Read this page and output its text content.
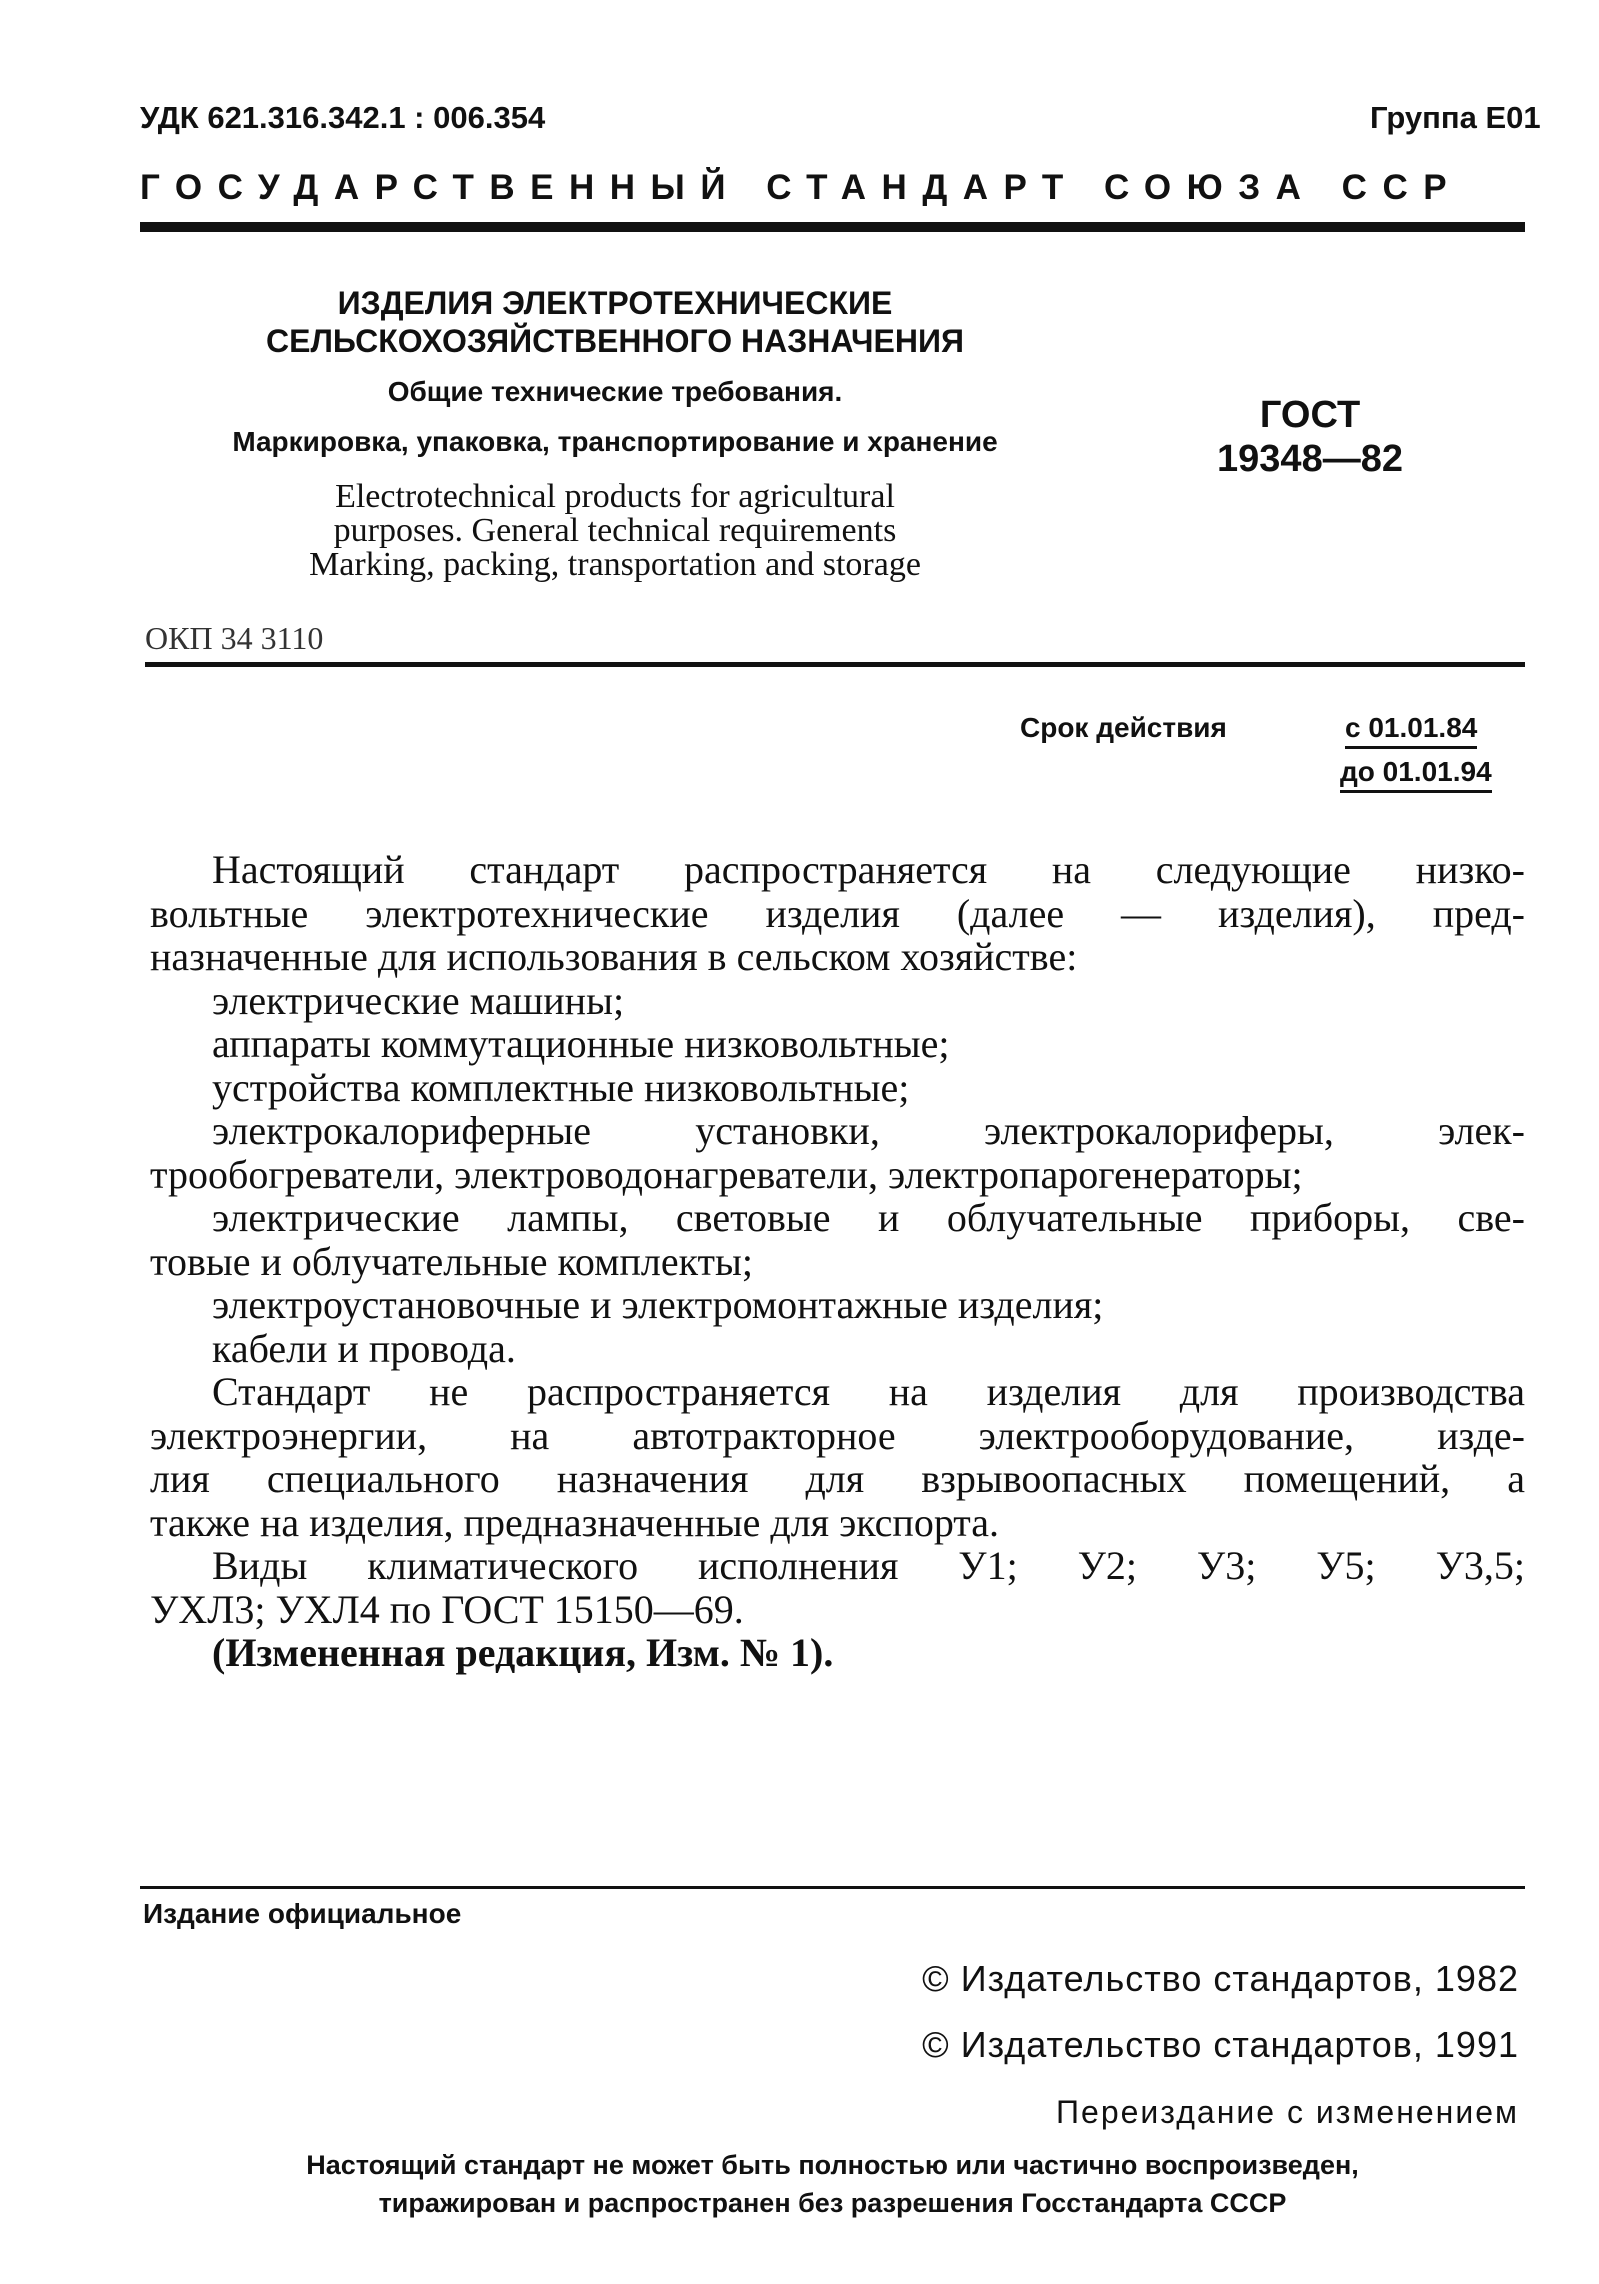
УДК 621.316.342.1 : 006.354	Группа Е01
ГОСУДАРСТВЕННЫЙ СТАНДАРТ СОЮЗА ССР
ИЗДЕЛИЯ ЭЛЕКТРОТЕХНИЧЕСКИЕ
СЕЛЬСКОХОЗЯЙСТВЕННОГО НАЗНАЧЕНИЯ
Общие технические требования.
Маркировка, упаковка, транспортирование и хранение
Electrotechnical products for agricultural
purposes. General technical requirements
Marking, packing, transportation and storage
ГОСТ
19348—82
ОКП 34 3110
Срок действия	с 01.01.84
до 01.01.94
Настоящий стандарт распространяется на следующие низко-
вольтные электротехнические изделия (далее — изделия), пред-
назначенные для использования в сельском хозяйстве:
электрические машины;
аппараты коммутационные низковольтные;
устройства комплектные низковольтные;
электрокалориферные установки, электрокалориферы, элек-
трообогреватели, электроводонагреватели, электропарогенераторы;
электрические лампы, световые и облучательные приборы, све-
товые и облучательные комплекты;
электроустановочные и электромонтажные изделия;
кабели и провода.
Стандарт не распространяется на изделия для производства
электроэнергии, на автотракторное электрооборудование, изде-
лия специального назначения для взрывоопасных помещений, а
также на изделия, предназначенные для экспорта.
Виды климатического исполнения У1; У2; У3; У5; У3,5;
УХЛ3; УХЛ4 по ГОСТ 15150—69.
(Измененная редакция, Изм. № 1).
Издание официальное
© Издательство стандартов, 1982
© Издательство стандартов, 1991
Переиздание с изменением
Настоящий стандарт не может быть полностью или частично воспроизведен,
тиражирован и распространен без разрешения Госстандарта СССР
